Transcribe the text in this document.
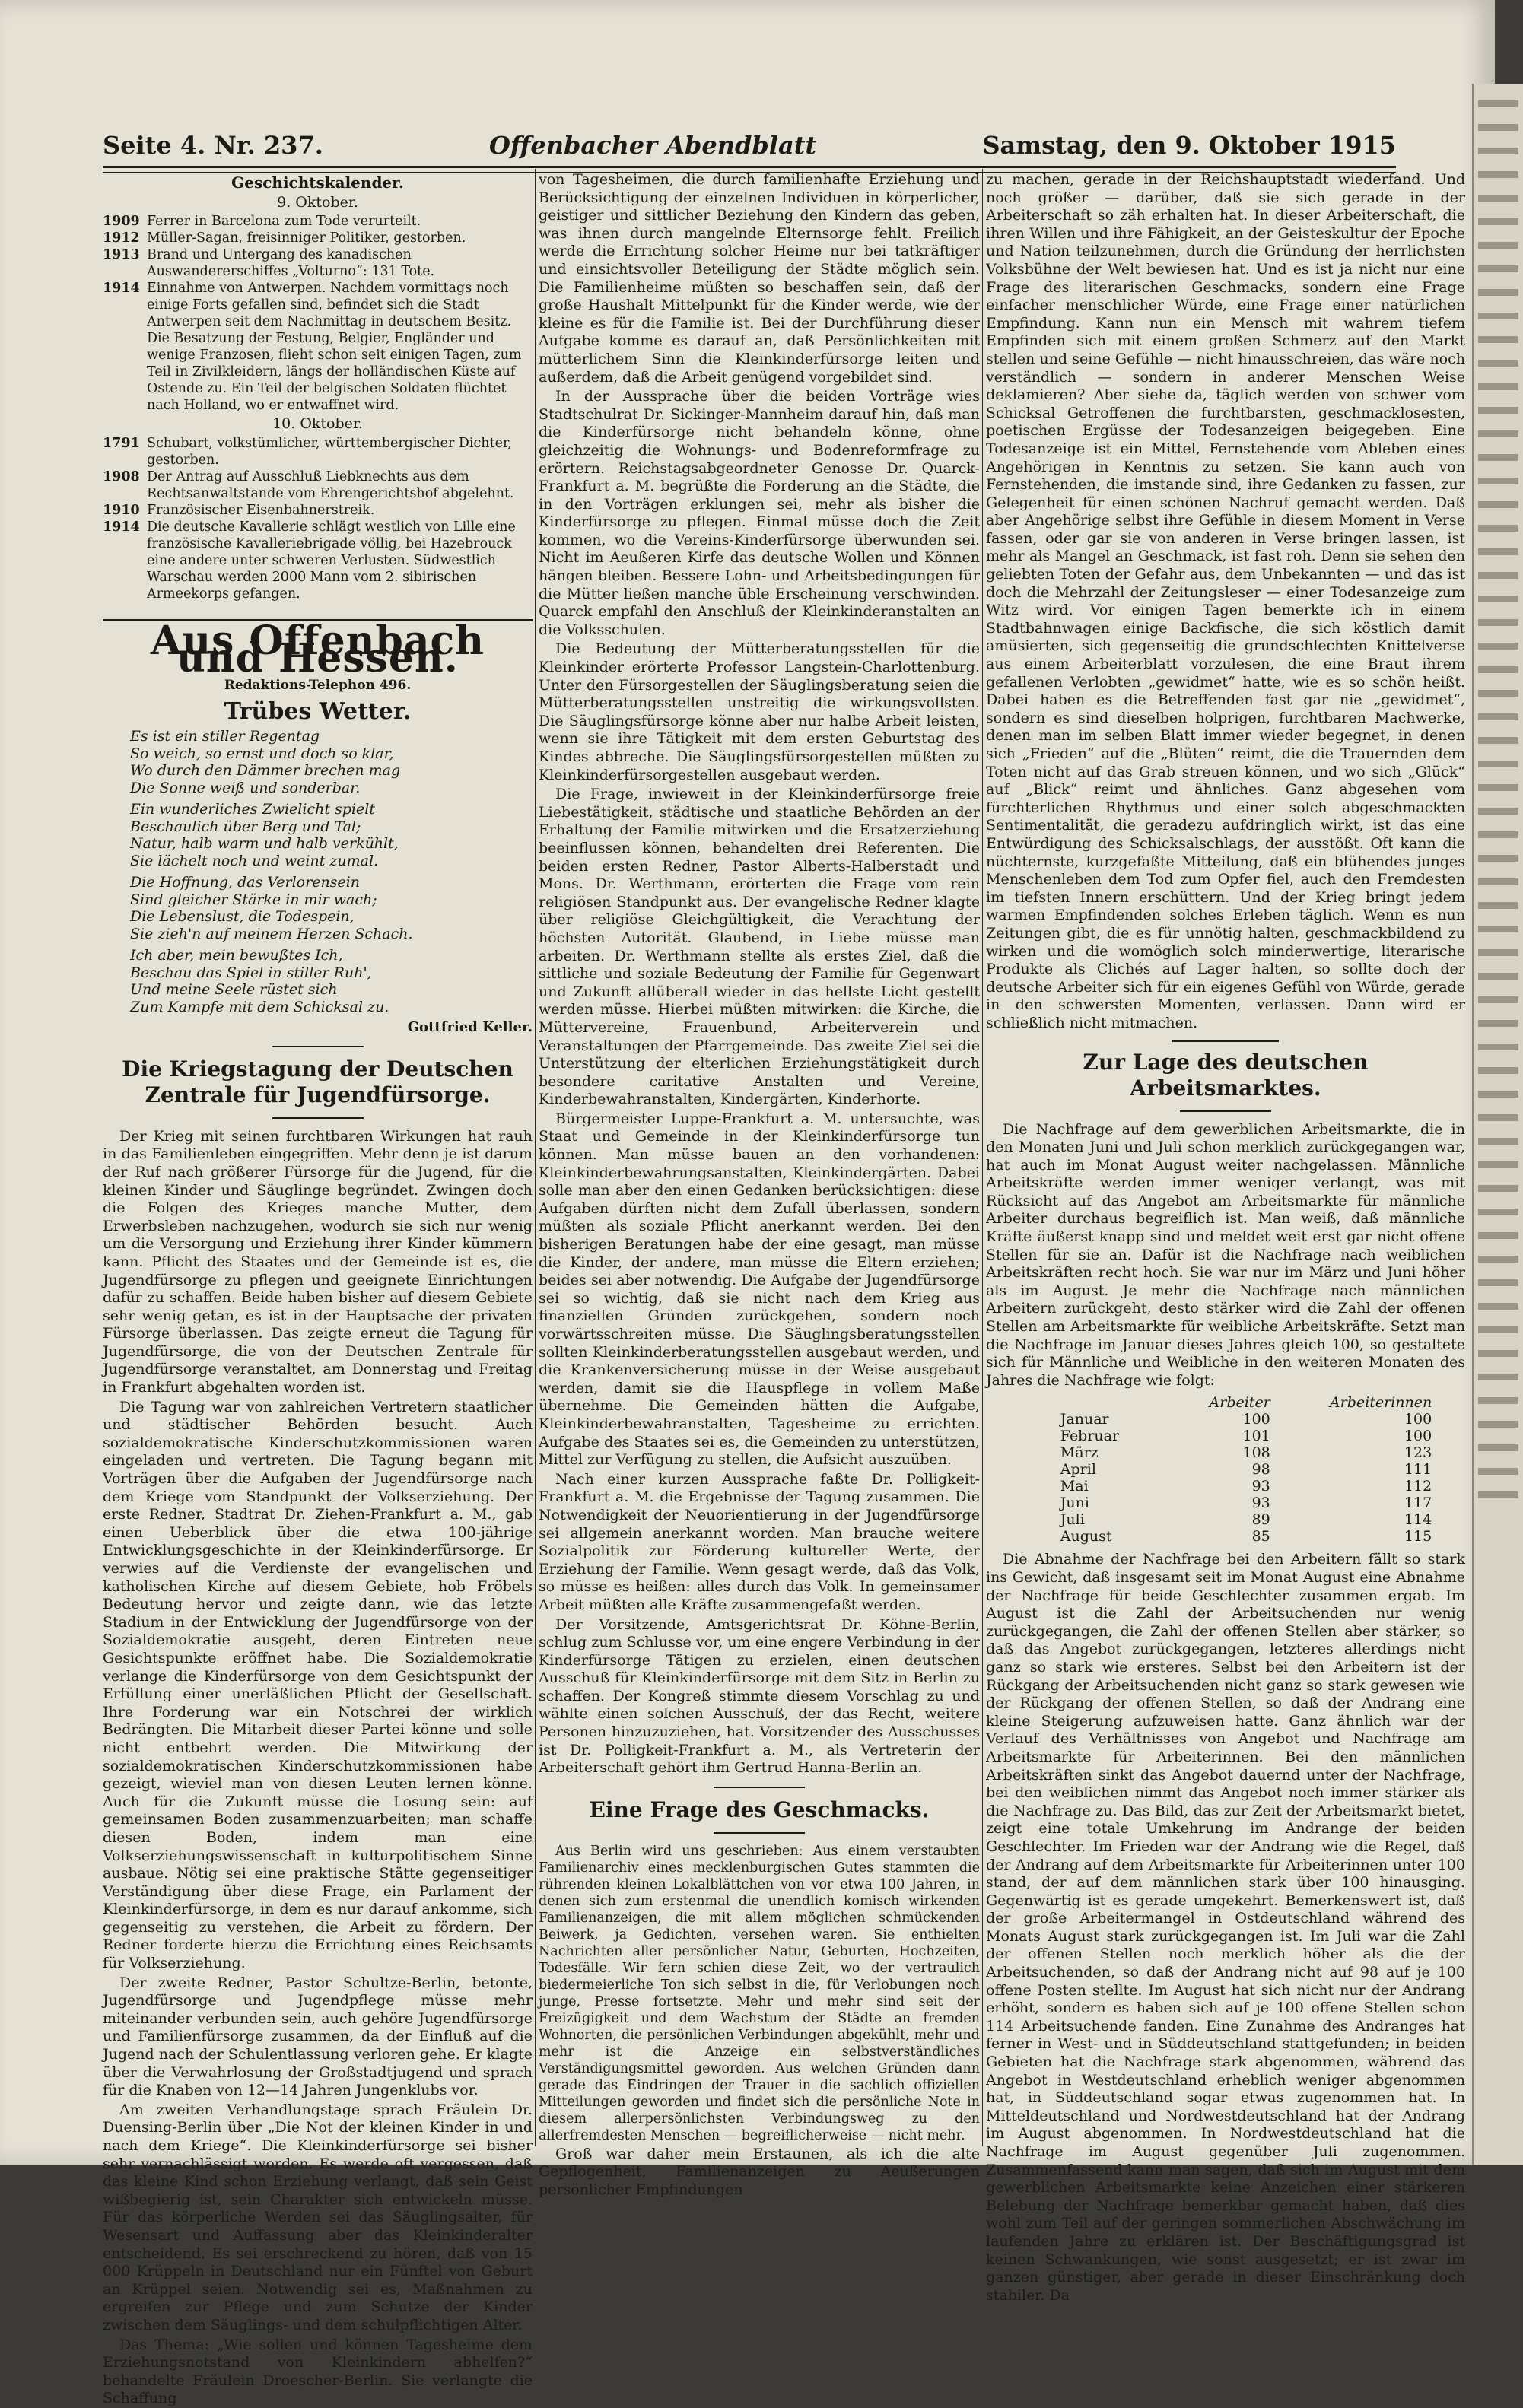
Seite 4. Nr. 237.	Offenbacher Abendblatt	Samstag, den 9. Oktober 1915
Geschichtskalender.
9. Oktober.
1909 Ferrer in Barcelona zum Tode verurteilt.
1912 Müller-Sagan, freisinniger Politiker, gestorben.
1913 Brand und Untergang des kanadischen Auswandererschiffes „Volturno“: 131 Tote.
1914 Einnahme von Antwerpen. Nachdem vormittags noch einige Forts gefallen sind, befindet sich die Stadt Antwerpen seit dem Nachmittag in deutschem Besitz. Die Besatzung der Festung, Belgier, Engländer und wenige Franzosen, flieht schon seit einigen Tagen, zum Teil in Zivilkleidern, längs der holländischen Küste auf Ostende zu. Ein Teil der belgischen Soldaten flüchtet nach Holland, wo er entwaffnet wird.
10. Oktober.
1791 Schubart, volkstümlicher, württembergischer Dichter, gestorben.
1908 Der Antrag auf Ausschluß Liebknechts aus dem Rechtsanwaltstande vom Ehrengerichtshof abgelehnt.
1910 Französischer Eisenbahnerstreik.
1914 Die deutsche Kavallerie schlägt westlich von Lille eine französische Kavalleriebrigade völlig, bei Hazebrouck eine andere unter schweren Verlusten. Südwestlich Warschau werden 2000 Mann vom 2. sibirischen Armeekorps gefangen.
Aus Offenbach und Hessen.
Redaktions-Telephon 496.
Trübes Wetter.
Es ist ein stiller Regentag
So weich, so ernst und doch so klar,
Wo durch den Dämmer brechen mag
Die Sonne weiß und sonderbar.
Ein wunderliches Zwielicht spielt
Beschaulich über Berg und Tal;
Natur, halb warm und halb verkühlt,
Sie lächelt noch und weint zumal.
Die Hoffnung, das Verlorensein
Sind gleicher Stärke in mir wach;
Die Lebenslust, die Todespein,
Sie zieh'n auf meinem Herzen Schach.
Ich aber, mein bewußtes Ich,
Beschau das Spiel in stiller Ruh',
Und meine Seele rüstet sich
Zum Kampfe mit dem Schicksal zu.
Gottfried Keller.
Die Kriegstagung der Deutschen Zentrale für Jugendfürsorge.

Der Krieg mit seinen furchtbaren Wirkungen hat rauh in das Familienleben eingegriffen. Mehr denn je ist darum der Ruf nach größerer Fürsorge für die Jugend, für die kleinen Kinder und Säuglinge begründet. Zwingen doch die Folgen des Krieges manche Mutter, dem Erwerbsleben nachzugehen, wodurch sie sich nur wenig um die Versorgung und Erziehung ihrer Kinder kümmern kann. Pflicht des Staates und der Gemeinde ist es, die Jugendfürsorge zu pflegen und geeignete Einrichtungen dafür zu schaffen. Beide haben bisher auf diesem Gebiete sehr wenig getan, es ist in der Hauptsache der privaten Fürsorge überlassen. Das zeigte erneut die Tagung für Jugendfürsorge, die von der Deutschen Zentrale für Jugendfürsorge veranstaltet, am Donnerstag und Freitag in Frankfurt abgehalten worden ist.

Die Tagung war von zahlreichen Vertretern staatlicher und städtischer Behörden besucht. Auch sozialdemokratische Kinderschutzkommissionen waren eingeladen und vertreten. Die Tagung begann mit Vorträgen über die Aufgaben der Jugendfürsorge nach dem Kriege vom Standpunkt der Volkserziehung. Der erste Redner, Stadtrat Dr. Ziehen-Frankfurt a. M., gab einen Ueberblick über die etwa 100-jährige Entwicklungsgeschichte in der Kleinkinderfürsorge. Er verwies auf die Verdienste der evangelischen und katholischen Kirche auf diesem Gebiete, hob Fröbels Bedeutung hervor und zeigte dann, wie das letzte Stadium in der Entwicklung der Jugendfürsorge von der Sozialdemokratie ausgeht, deren Eintreten neue Gesichtspunkte eröffnet habe. Die Sozialdemokratie verlange die Kinderfürsorge von dem Gesichtspunkt der Erfüllung einer unerläßlichen Pflicht der Gesellschaft. Ihre Forderung war ein Notschrei der wirklich Bedrängten. Die Mitarbeit dieser Partei könne und solle nicht entbehrt werden. Die Mitwirkung der sozialdemokratischen Kinderschutzkommissionen habe gezeigt, wieviel man von diesen Leuten lernen könne. Auch für die Zukunft müsse die Losung sein: auf gemeinsamen Boden zusammenzuarbeiten; man schaffe diesen Boden, indem man eine Volkserziehungswissenschaft in kulturpolitischem Sinne ausbaue. Nötig sei eine praktische Stätte gegenseitiger Verständigung über diese Frage, ein Parlament der Kleinkinderfürsorge, in dem es nur darauf ankomme, sich gegenseitig zu verstehen, die Arbeit zu fördern. Der Redner forderte hierzu die Errichtung eines Reichsamts für Volkserziehung.

Der zweite Redner, Pastor Schultze-Berlin, betonte, Jugendfürsorge und Jugendpflege müsse mehr miteinander verbunden sein, auch gehöre Jugendfürsorge und Familienfürsorge zusammen, da der Einfluß auf die Jugend nach der Schulentlassung verloren gehe. Er klagte über die Verwahrlosung der Großstadtjugend und sprach für die Knaben von 12—14 Jahren Jungenklubs vor.

Am zweiten Verhandlungstage sprach Fräulein Dr. Duensing-Berlin über „Die Not der kleinen Kinder in und nach dem Kriege“. Die Kleinkinderfürsorge sei bisher sehr vernachlässigt worden. Es werde oft vergessen, daß das kleine Kind schon Erziehung verlangt, daß sein Geist wißbegierig ist, sein Charakter sich entwickeln müsse. Für das körperliche Werden sei das Säuglingsalter, für Wesensart und Auffassung aber das Kleinkinderalter entscheidend. Es sei erschreckend zu hören, daß von 15 000 Krüppeln in Deutschland nur ein Fünftel von Geburt an Krüppel seien. Notwendig sei es, Maßnahmen zu ergreifen zur Pflege und zum Schutze der Kinder zwischen dem Säuglings- und dem schulpflichtigen Alter.

Das Thema: „Wie sollen und können Tagesheime dem Erziehungsnotstand von Kleinkindern abhelfen?“ behandelte Fräulein Droescher-Berlin. Sie verlangte die Schaffung

von Tagesheimen, die durch familienhafte Erziehung und Berücksichtigung der einzelnen Individuen in körperlicher, geistiger und sittlicher Beziehung den Kindern das geben, was ihnen durch mangelnde Elternsorge fehlt. Freilich werde die Errichtung solcher Heime nur bei tatkräftiger und einsichtsvoller Beteiligung der Städte möglich sein. Die Familienheime müßten so beschaffen sein, daß der große Haushalt Mittelpunkt für die Kinder werde, wie der kleine es für die Familie ist. Bei der Durchführung dieser Aufgabe komme es darauf an, daß Persönlichkeiten mit mütterlichem Sinn die Kleinkinderfürsorge leiten und außerdem, daß die Arbeit genügend vorgebildet sind.

In der Aussprache über die beiden Vorträge wies Stadtschulrat Dr. Sickinger-Mannheim darauf hin, daß man die Kinderfürsorge nicht behandeln könne, ohne gleichzeitig die Wohnungs- und Bodenreformfrage zu erörtern. Reichstagsabgeordneter Genosse Dr. Quarck-Frankfurt a. M. begrüßte die Forderung an die Städte, die in den Vorträgen erklungen sei, mehr als bisher die Kinderfürsorge zu pflegen. Einmal müsse doch die Zeit kommen, wo die Vereins-Kinderfürsorge überwunden sei. Nicht im Aeußeren Kirfe das deutsche Wollen und Können hängen bleiben. Bessere Lohn- und Arbeitsbedingungen für die Mütter ließen manche üble Erscheinung verschwinden. Quarck empfahl den Anschluß der Kleinkinderanstalten an die Volksschulen.

Die Bedeutung der Mütterberatungsstellen für die Kleinkinder erörterte Professor Langstein-Charlottenburg. Unter den Fürsorgestellen der Säuglingsberatung seien die Mütterberatungsstellen unstreitig die wirkungsvollsten. Die Säuglingsfürsorge könne aber nur halbe Arbeit leisten, wenn sie ihre Tätigkeit mit dem ersten Geburtstag des Kindes abbreche. Die Säuglingsfürsorgestellen müßten zu Kleinkinderfürsorgestellen ausgebaut werden.

Die Frage, inwieweit in der Kleinkinderfürsorge freie Liebestätigkeit, städtische und staatliche Behörden an der Erhaltung der Familie mitwirken und die Ersatzerziehung beeinflussen können, behandelten drei Referenten. Die beiden ersten Redner, Pastor Alberts-Halberstadt und Mons. Dr. Werthmann, erörterten die Frage vom rein religiösen Standpunkt aus. Der evangelische Redner klagte über religiöse Gleichgültigkeit, die Verachtung der höchsten Autorität. Glaubend, in Liebe müsse man arbeiten. Dr. Werthmann stellte als erstes Ziel, daß die sittliche und soziale Bedeutung der Familie für Gegenwart und Zukunft allüberall wieder in das hellste Licht gestellt werden müsse. Hierbei müßten mitwirken: die Kirche, die Müttervereine, Frauenbund, Arbeiterverein und Veranstaltungen der Pfarrgemeinde. Das zweite Ziel sei die Unterstützung der elterlichen Erziehungstätigkeit durch besondere caritative Anstalten und Vereine, Kinderbewahranstalten, Kindergärten, Kinderhorte.

Bürgermeister Luppe-Frankfurt a. M. untersuchte, was Staat und Gemeinde in der Kleinkinderfürsorge tun können. Man müsse bauen an den vorhandenen: Kleinkinderbewahrungsanstalten, Kleinkindergärten. Dabei solle man aber den einen Gedanken berücksichtigen: diese Aufgaben dürften nicht dem Zufall überlassen, sondern müßten als soziale Pflicht anerkannt werden. Bei den bisherigen Beratungen habe der eine gesagt, man müsse die Kinder, der andere, man müsse die Eltern erziehen; beides sei aber notwendig. Die Aufgabe der Jugendfürsorge sei so wichtig, daß sie nicht nach dem Krieg aus finanziellen Gründen zurückgehen, sondern noch vorwärtsschreiten müsse. Die Säuglingsberatungsstellen sollten Kleinkinderberatungsstellen ausgebaut werden, und die Krankenversicherung müsse in der Weise ausgebaut werden, damit sie die Hauspflege in vollem Maße übernehme. Die Gemeinden hätten die Aufgabe, Kleinkinderbewahranstalten, Tagesheime zu errichten. Aufgabe des Staates sei es, die Gemeinden zu unterstützen, Mittel zur Verfügung zu stellen, die Aufsicht auszuüben.

Nach einer kurzen Aussprache faßte Dr. Polligkeit-Frankfurt a. M. die Ergebnisse der Tagung zusammen. Die Notwendigkeit der Neuorientierung in der Jugendfürsorge sei allgemein anerkannt worden. Man brauche weitere Sozialpolitik zur Förderung kultureller Werte, der Erziehung der Familie. Wenn gesagt werde, daß das Volk, so müsse es heißen: alles durch das Volk. In gemeinsamer Arbeit müßten alle Kräfte zusammengefaßt werden.

Der Vorsitzende, Amtsgerichtsrat Dr. Köhne-Berlin, schlug zum Schlusse vor, um eine engere Verbindung in der Kinderfürsorge Tätigen zu erzielen, einen deutschen Ausschuß für Kleinkinderfürsorge mit dem Sitz in Berlin zu schaffen. Der Kongreß stimmte diesem Vorschlag zu und wählte einen solchen Ausschuß, der das Recht, weitere Personen hinzuzuziehen, hat. Vorsitzender des Ausschusses ist Dr. Polligkeit-Frankfurt a. M., als Vertreterin der Arbeiterschaft gehört ihm Gertrud Hanna-Berlin an.

Eine Frage des Geschmacks.

Aus Berlin wird uns geschrieben: Aus einem verstaubten Familienarchiv eines mecklenburgischen Gutes stammten die rührenden kleinen Lokalblättchen von vor etwa 100 Jahren, in denen sich zum erstenmal die unendlich komisch wirkenden Familienanzeigen, die mit allem möglichen schmückenden Beiwerk, ja Gedichten, versehen waren. Sie enthielten Nachrichten aller persönlicher Natur, Geburten, Hochzeiten, Todesfälle. Wir fern schien diese Zeit, wo der vertraulich biedermeierliche Ton sich selbst in die, für Verlobungen noch junge, Presse fortsetzte. Mehr und mehr sind seit der Freizügigkeit und dem Wachstum der Städte an fremden Wohnorten, die persönlichen Verbindungen abgekühlt, mehr und mehr ist die Anzeige ein selbstverständliches Verständigungsmittel geworden. Aus welchen Gründen dann gerade das Eindringen der Trauer in die sachlich offiziellen Mitteilungen geworden und findet sich die persönliche Note in diesem allerpersönlichsten Verbindungsweg zu den allerfremdesten Menschen — begreiflicherweise — nicht mehr.

Groß war daher mein Erstaunen, als ich die alte Gepflogenheit, Familienanzeigen zu Aeußerungen persönlicher Empfindungen

zu machen, gerade in der Reichshauptstadt wiederfand. Und noch größer — darüber, daß sie sich gerade in der Arbeiterschaft so zäh erhalten hat. In dieser Arbeiterschaft, die ihren Willen und ihre Fähigkeit, an der Geisteskultur der Epoche und Nation teilzunehmen, durch die Gründung der herrlichsten Volksbühne der Welt bewiesen hat. Und es ist ja nicht nur eine Frage des literarischen Geschmacks, sondern eine Frage einfacher menschlicher Würde, eine Frage einer natürlichen Empfindung. Kann nun ein Mensch mit wahrem tiefem Empfinden sich mit einem großen Schmerz auf den Markt stellen und seine Gefühle — nicht hinausschreien, das wäre noch verständlich — sondern in anderer Menschen Weise deklamieren? Aber siehe da, täglich werden von schwer vom Schicksal Getroffenen die furchtbarsten, geschmacklosesten, poetischen Ergüsse der Todesanzeigen beigegeben. Eine Todesanzeige ist ein Mittel, Fernstehende vom Ableben eines Angehörigen in Kenntnis zu setzen. Sie kann auch von Fernstehenden, die imstande sind, ihre Gedanken zu fassen, zur Gelegenheit für einen schönen Nachruf gemacht werden. Daß aber Angehörige selbst ihre Gefühle in diesem Moment in Verse fassen, oder gar sie von anderen in Verse bringen lassen, ist mehr als Mangel an Geschmack, ist fast roh. Denn sie sehen den geliebten Toten der Gefahr aus, dem Unbekannten — und das ist doch die Mehrzahl der Zeitungsleser — einer Todesanzeige zum Witz wird. Vor einigen Tagen bemerkte ich in einem Stadtbahnwagen einige Backfische, die sich köstlich damit amüsierten, sich gegenseitig die grundschlechten Knittelverse aus einem Arbeiterblatt vorzulesen, die eine Braut ihrem gefallenen Verlobten „gewidmet“ hatte, wie es so schön heißt. Dabei haben es die Betreffenden fast gar nie „gewidmet“, sondern es sind dieselben holprigen, furchtbaren Machwerke, denen man im selben Blatt immer wieder begegnet, in denen sich „Frieden“ auf die „Blüten“ reimt, die die Trauernden dem Toten nicht auf das Grab streuen können, und wo sich „Glück“ auf „Blick“ reimt und ähnliches. Ganz abgesehen vom fürchterlichen Rhythmus und einer solch abgeschmackten Sentimentalität, die geradezu aufdringlich wirkt, ist das eine Entwürdigung des Schicksalschlags, der ausstößt. Oft kann die nüchternste, kurzgefaßte Mitteilung, daß ein blühendes junges Menschenleben dem Tod zum Opfer fiel, auch den Fremdesten im tiefsten Innern erschüttern. Und der Krieg bringt jedem warmen Empfindenden solches Erleben täglich. Wenn es nun Zeitungen gibt, die es für unnötig halten, geschmackbildend zu wirken und die womöglich solch minderwertige, literarische Produkte als Clichés auf Lager halten, so sollte doch der deutsche Arbeiter sich für ein eigenes Gefühl von Würde, gerade in den schwersten Momenten, verlassen. Dann wird er schließlich nicht mitmachen.

Zur Lage des deutschen Arbeitsmarktes.

Die Nachfrage auf dem gewerblichen Arbeitsmarkte, die in den Monaten Juni und Juli schon merklich zurückgegangen war, hat auch im Monat August weiter nachgelassen. Männliche Arbeitskräfte werden immer weniger verlangt, was mit Rücksicht auf das Angebot am Arbeitsmarkte für männliche Arbeiter durchaus begreiflich ist. Man weiß, daß männliche Kräfte äußerst knapp sind und meldet weit erst gar nicht offene Stellen für sie an. Dafür ist die Nachfrage nach weiblichen Arbeitskräften recht hoch. Sie war nur im März und Juni höher als im August. Je mehr die Nachfrage nach männlichen Arbeitern zurückgeht, desto stärker wird die Zahl der offenen Stellen am Arbeitsmarkte für weibliche Arbeitskräfte. Setzt man die Nachfrage im Januar dieses Jahres gleich 100, so gestaltete sich für Männliche und Weibliche in den weiteren Monaten des Jahres die Nachfrage wie folgt:

	Arbeiter	Arbeiterinnen
Januar	100	100
Februar	101	100
März	108	123
April	98	111
Mai	93	112
Juni	93	117
Juli	89	114
August	85	115

Die Abnahme der Nachfrage bei den Arbeitern fällt so stark ins Gewicht, daß insgesamt seit im Monat August eine Abnahme der Nachfrage für beide Geschlechter zusammen ergab. Im August ist die Zahl der Arbeitsuchenden nur wenig zurückgegangen, die Zahl der offenen Stellen aber stärker, so daß das Angebot zurückgegangen, letzteres allerdings nicht ganz so stark wie ersteres. Selbst bei den Arbeitern ist der Rückgang der Arbeitsuchenden nicht ganz so stark gewesen wie der Rückgang der offenen Stellen, so daß der Andrang eine kleine Steigerung aufzuweisen hatte. Ganz ähnlich war der Verlauf des Verhältnisses von Angebot und Nachfrage am Arbeitsmarkte für Arbeiterinnen. Bei den männlichen Arbeitskräften sinkt das Angebot dauernd unter der Nachfrage, bei den weiblichen nimmt das Angebot noch immer stärker als die Nachfrage zu. Das Bild, das zur Zeit der Arbeitsmarkt bietet, zeigt eine totale Umkehrung im Andrange der beiden Geschlechter. Im Frieden war der Andrang wie die Regel, daß der Andrang auf dem Arbeitsmarkte für Arbeiterinnen unter 100 stand, der auf dem männlichen stark über 100 hinausging. Gegenwärtig ist es gerade umgekehrt. Bemerkenswert ist, daß der große Arbeitermangel in Ostdeutschland während des Monats August stark zurückgegangen ist. Im Juli war die Zahl der offenen Stellen noch merklich höher als die der Arbeitsuchenden, so daß der Andrang nicht auf 98 auf je 100 offene Posten stellte. Im August hat sich nicht nur der Andrang erhöht, sondern es haben sich auf je 100 offene Stellen schon 114 Arbeitsuchende fanden. Eine Zunahme des Andranges hat ferner in West- und in Süddeutschland stattgefunden; in beiden Gebieten hat die Nachfrage stark abgenommen, während das Angebot in Westdeutschland erheblich weniger abgenommen hat, in Süddeutschland sogar etwas zugenommen hat. In Mitteldeutschland und Nordwestdeutschland hat der Andrang im August abgenommen. In Nordwestdeutschland hat die Nachfrage im August gegenüber Juli zugenommen. Zusammenfassend kann man sagen, daß sich im August mit dem gewerblichen Arbeitsmarkte keine Anzeichen einer stärkeren Belebung der Nachfrage bemerkbar gemacht haben, daß dies wohl zum Teil auf der geringen sommerlichen Abschwächung im laufenden Jahre zu erklären ist. Der Beschäftigungsgrad ist keinen Schwankungen, wie sonst ausgesetzt; er ist zwar im ganzen günstiger, aber gerade in dieser Einschränkung doch stabiler. Da
